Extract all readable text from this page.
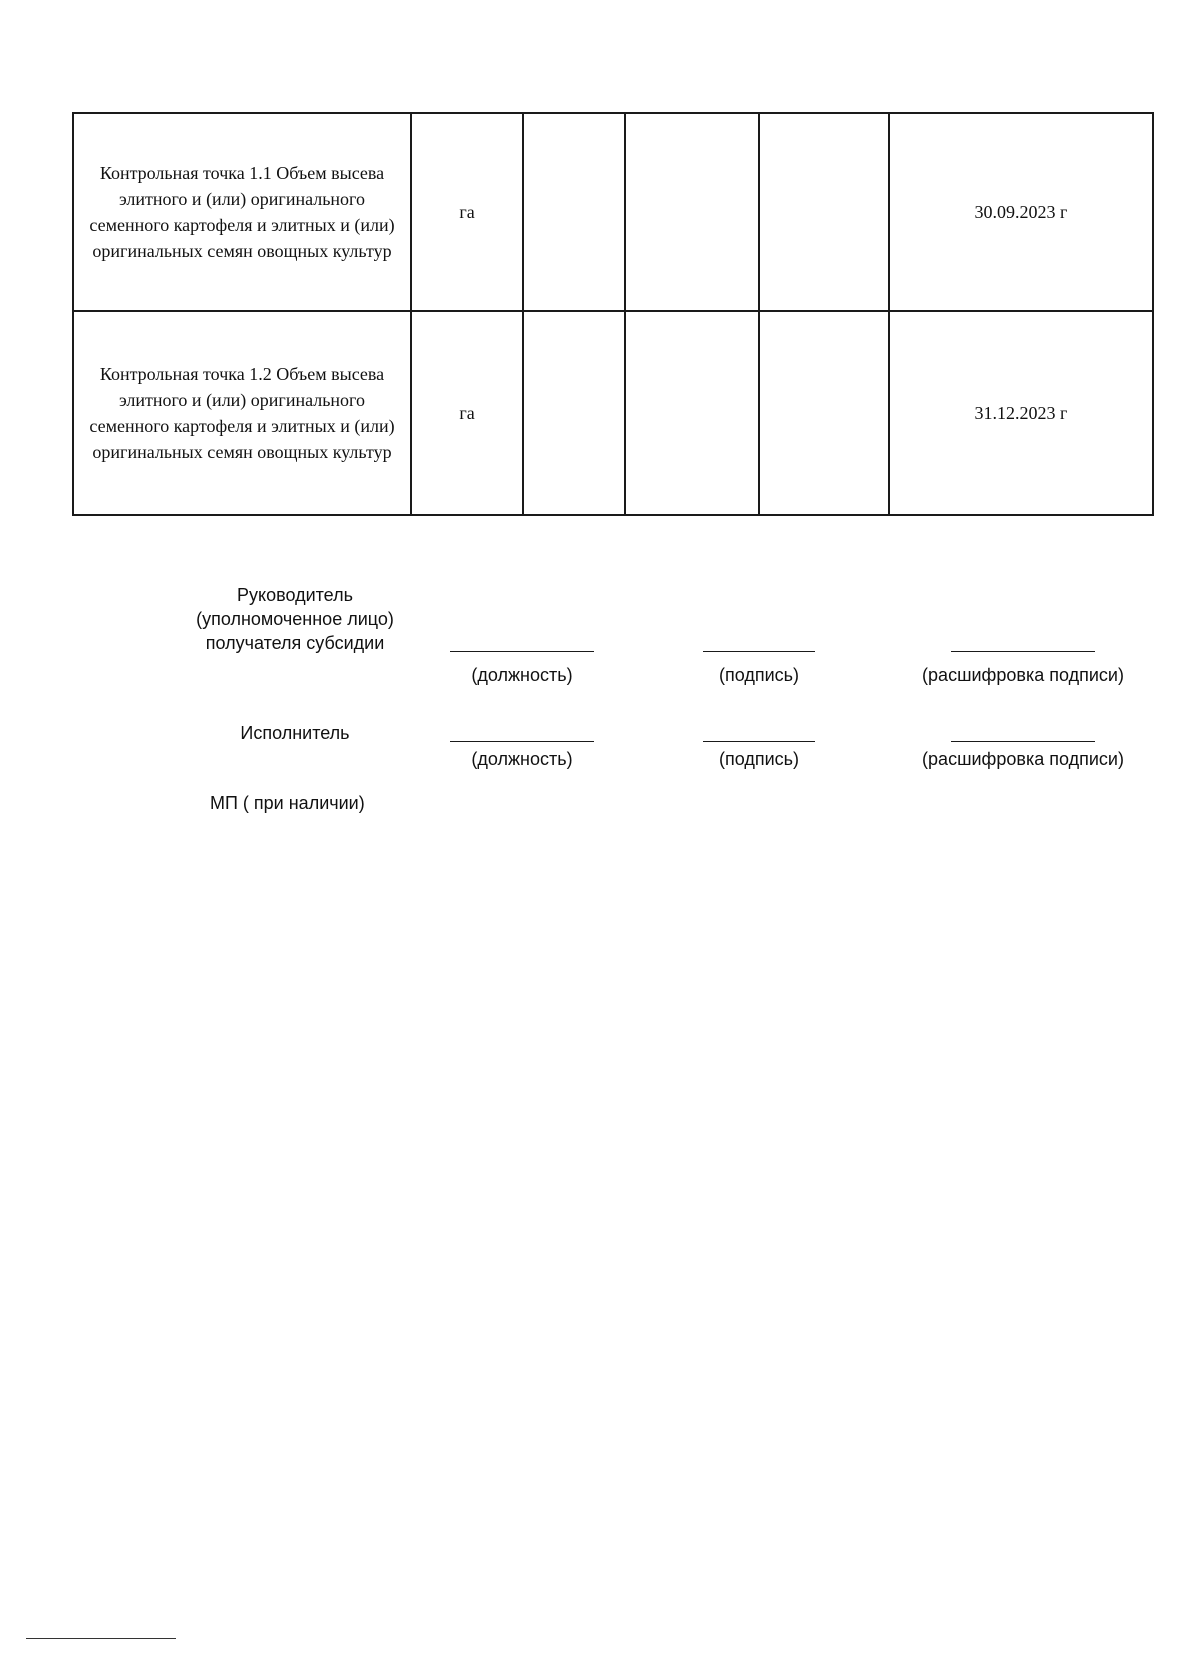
Контрольная точка 1.1 Объем высева элитного и (или) оригинального семенного картофеля и элитных и (или) оригинальных семян овощных культур	га				30.09.2023 г
Контрольная точка 1.2 Объем высева элитного и (или) оригинального семенного картофеля и элитных и (или) оригинальных семян овощных культур	га				31.12.2023 г
Руководитель
(уполномоченное лицо)
получателя субсидии
(должность)	(подпись)	(расшифровка подписи)
Исполнитель
(должность)	(подпись)	(расшифровка подписи)
МП ( при наличии)
